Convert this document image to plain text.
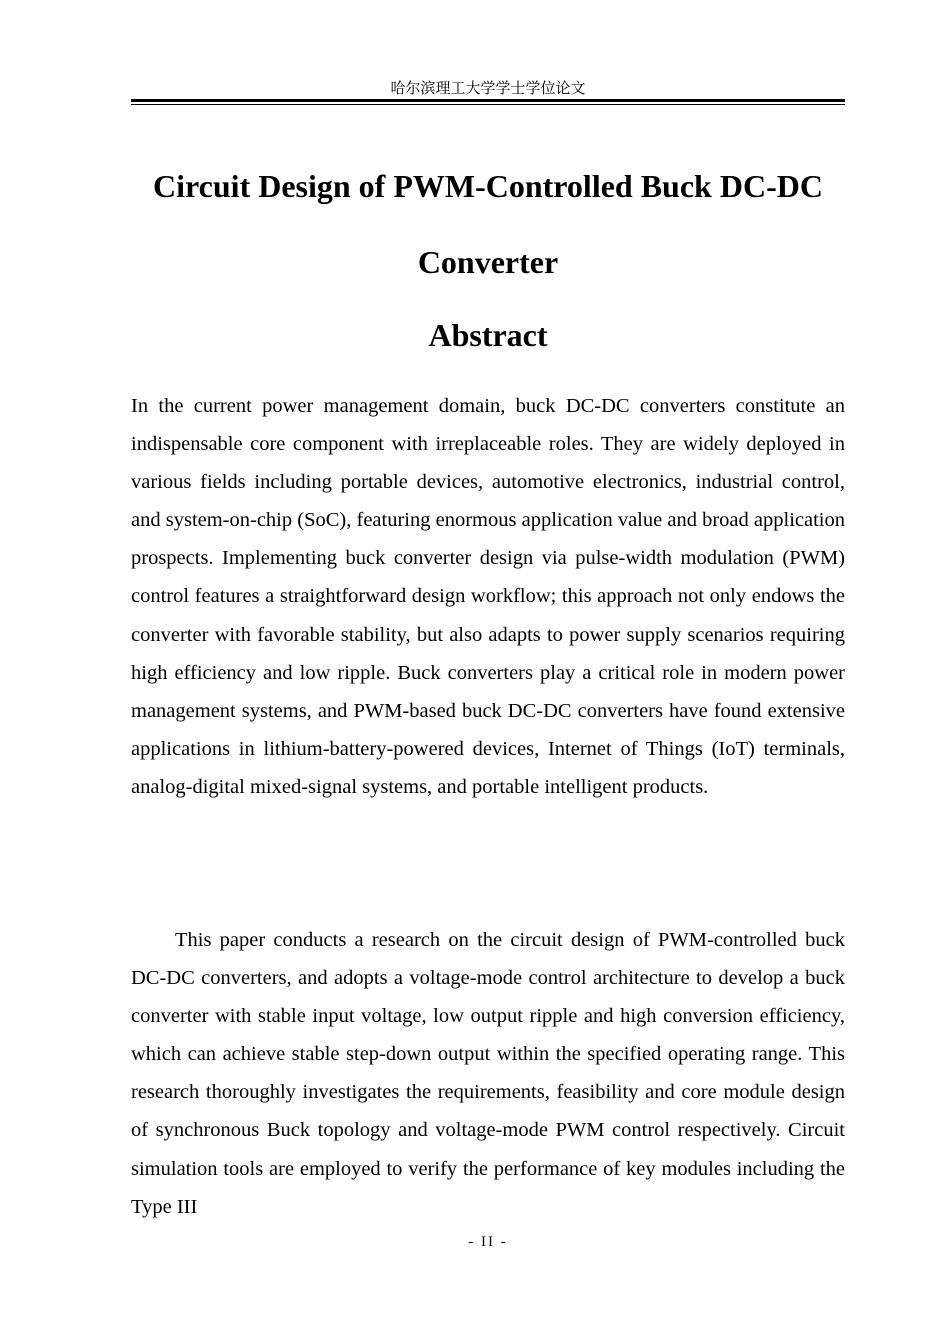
哈尔滨理工大学学士学位论文
Circuit Design of PWM-Controlled Buck DC-DC Converter
Abstract

In the current power management domain, buck DC-DC converters constitute an indispensable core component with irreplaceable roles. They are widely deployed in various fields including portable devices, automotive electronics, industrial control, and system-on-chip (SoC), featuring enormous application value and broad application prospects. Implementing buck converter design via pulse-width modulation (PWM) control features a straightforward design workflow; this approach not only endows the converter with favorable stability, but also adapts to power supply scenarios requiring high efficiency and low ripple. Buck converters play a critical role in modern power management systems, and PWM-based buck DC-DC converters have found extensive applications in lithium-battery-powered devices, Internet of Things (IoT) terminals, analog-digital mixed-signal systems, and portable intelligent products.

This paper conducts a research on the circuit design of PWM-controlled buck DC-DC converters, and adopts a voltage-mode control architecture to develop a buck converter with stable input voltage, low output ripple and high conversion efficiency, which can achieve stable step-down output within the specified operating range. This research thoroughly investigates the requirements, feasibility and core module design of synchronous Buck topology and voltage-mode PWM control respectively. Circuit simulation tools are employed to verify the performance of key modules including the Type III

- II -
